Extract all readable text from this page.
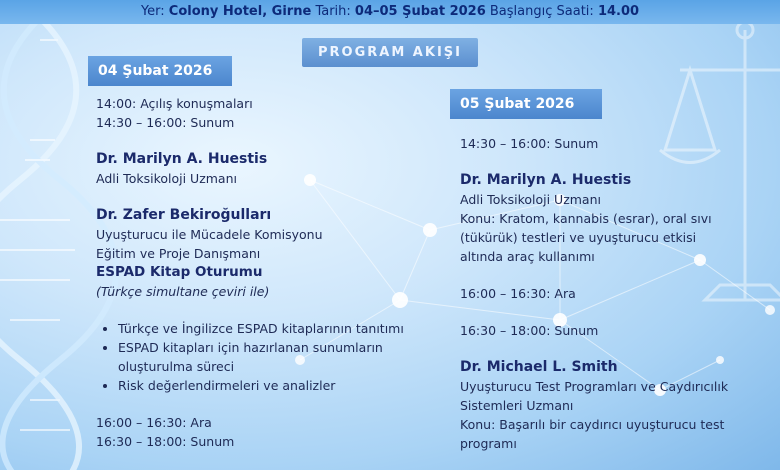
Yer: Colony Hotel, Girne Tarih: 04–05 Şubat 2026 Başlangıç Saati: 14.00
PROGRAM AKIŞI
04 Şubat 2026

14:00: Açılış konuşmaları

14:30 – 16:00: Sunum

Dr. Marilyn A. Huestis

Adli Toksikoloji Uzmanı

Dr. Zafer Bekiroğulları

Uyuşturucu ile Mücadele Komisyonu

Eğitim ve Proje Danışmanı

ESPAD Kitap Oturumu

(Türkçe simultane çeviri ile)

• Türkçe ve İngilizce ESPAD kitaplarının tanıtımı
• ESPAD kitapları için hazırlanan sunumların oluşturulma süreci
• Risk değerlendirmeleri ve analizler

16:00 – 16:30: Ara

16:30 – 18:00: Sunum

05 Şubat 2026

14:30 – 16:00: Sunum

Dr. Marilyn A. Huestis

Adli Toksikoloji Uzmanı

Konu: Kratom, kannabis (esrar), oral sıvı

(tükürük) testleri ve uyuşturucu etkisi

altında araç kullanımı

16:00 – 16:30: Ara

16:30 – 18:00: Sunum

Dr. Michael L. Smith

Uyuşturucu Test Programları ve Caydırıcılık

Sistemleri Uzmanı

Konu: Başarılı bir caydırıcı uyuşturucu test

programı
